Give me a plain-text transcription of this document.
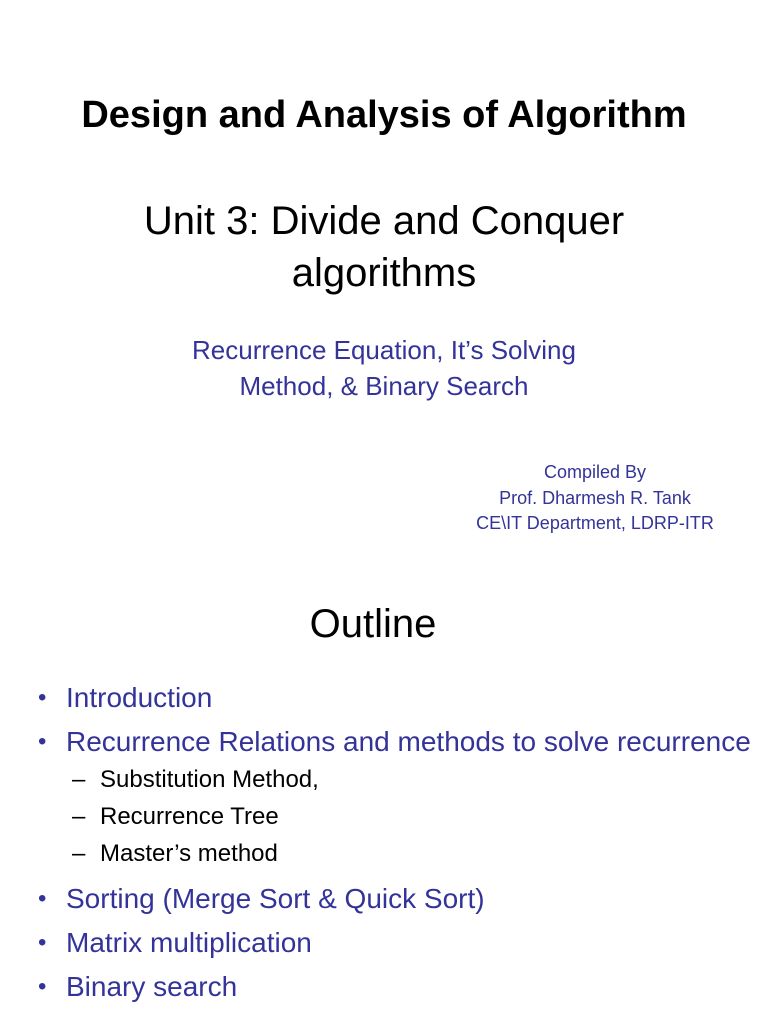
Design and Analysis of Algorithm
Unit 3: Divide and Conquer
algorithms
Recurrence Equation, It’s Solving
Method, & Binary Search
Compiled By
Prof. Dharmesh R. Tank
CE\IT Department, LDRP-ITR
Outline
• Introduction
• Recurrence Relations and methods to solve recurrence
– Substitution Method,
– Recurrence Tree
– Master’s method
• Sorting (Merge Sort & Quick Sort)
• Matrix multiplication
• Binary search
